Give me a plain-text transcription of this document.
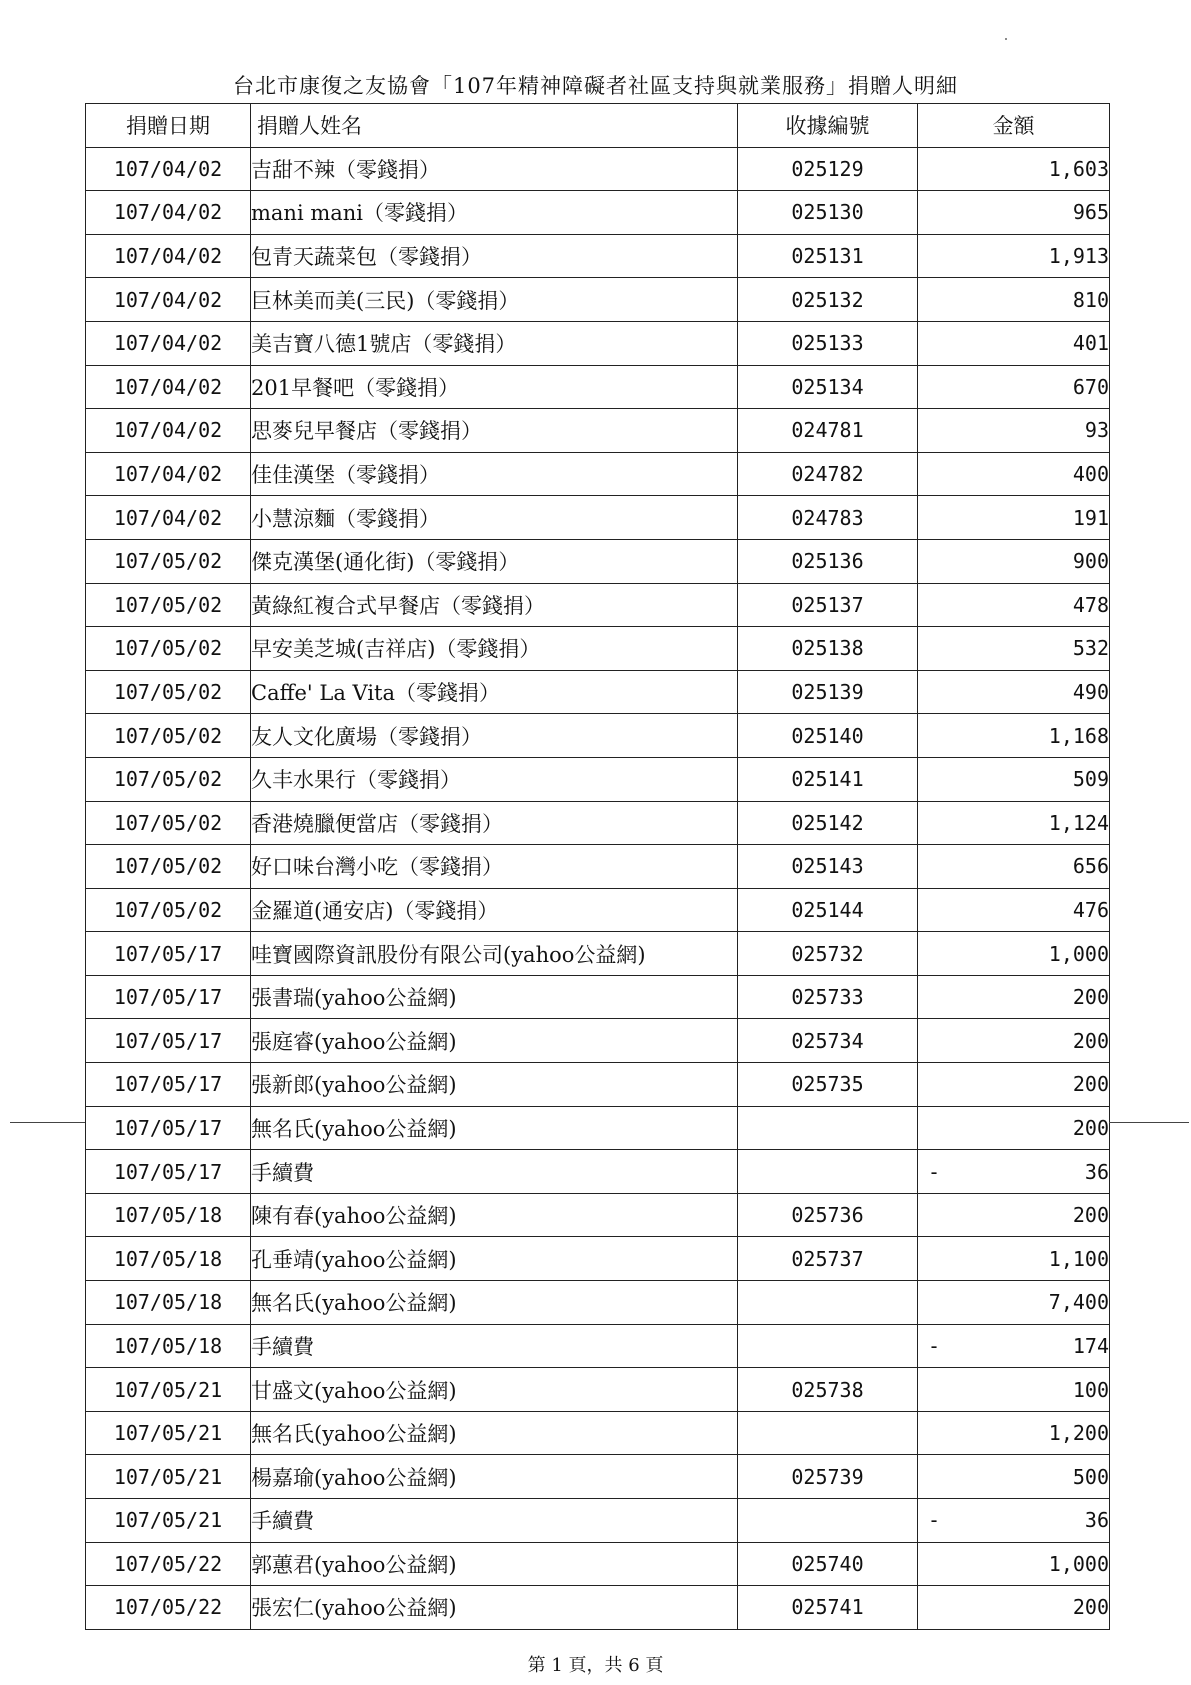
台北市康復之友協會「107年精神障礙者社區支持與就業服務」捐贈人明細
捐贈日期	捐贈人姓名	收據編號	金額
107/04/02	吉甜不辣（零錢捐）	025129	1,603
107/04/02	mani mani（零錢捐）	025130	965
107/04/02	包青天蔬菜包（零錢捐）	025131	1,913
107/04/02	巨林美而美(三民)（零錢捐）	025132	810
107/04/02	美吉寶八德1號店（零錢捐）	025133	401
107/04/02	201早餐吧（零錢捐）	025134	670
107/04/02	思麥兒早餐店（零錢捐）	024781	93
107/04/02	佳佳漢堡（零錢捐）	024782	400
107/04/02	小慧涼麵（零錢捐）	024783	191
107/05/02	傑克漢堡(通化街)（零錢捐）	025136	900
107/05/02	黃綠紅複合式早餐店（零錢捐）	025137	478
107/05/02	早安美芝城(吉祥店)（零錢捐）	025138	532
107/05/02	Caffe' La Vita（零錢捐）	025139	490
107/05/02	友人文化廣場（零錢捐）	025140	1,168
107/05/02	久丰水果行（零錢捐）	025141	509
107/05/02	香港燒臘便當店（零錢捐）	025142	1,124
107/05/02	好口味台灣小吃（零錢捐）	025143	656
107/05/02	金羅道(通安店)（零錢捐）	025144	476
107/05/17	哇寶國際資訊股份有限公司(yahoo公益網)	025732	1,000
107/05/17	張書瑞(yahoo公益網)	025733	200
107/05/17	張庭睿(yahoo公益網)	025734	200
107/05/17	張新郎(yahoo公益網)	025735	200
107/05/17	無名氏(yahoo公益網)		200
107/05/17	手續費		- 36
107/05/18	陳有春(yahoo公益網)	025736	200
107/05/18	孔垂靖(yahoo公益網)	025737	1,100
107/05/18	無名氏(yahoo公益網)		7,400
107/05/18	手續費		- 174
107/05/21	甘盛文(yahoo公益網)	025738	100
107/05/21	無名氏(yahoo公益網)		1,200
107/05/21	楊嘉瑜(yahoo公益網)	025739	500
107/05/21	手續費		- 36
107/05/22	郭蕙君(yahoo公益網)	025740	1,000
107/05/22	張宏仁(yahoo公益網)	025741	200
第 1 頁，共 6 頁
